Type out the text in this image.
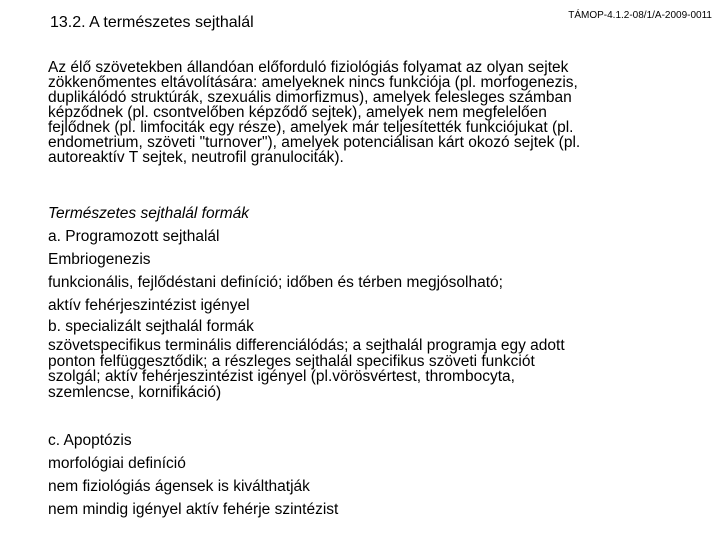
13.2. A természetes sejthalál	TÁMOP-4.1.2-08/1/A-2009-0011
Az élő szövetekben állandóan előforduló fiziológiás folyamat az olyan sejtek
zökkenőmentes eltávolítására: amelyeknek nincs funkciója (pl. morfogenezis,
duplikálódó struktúrák, szexuális dimorfizmus), amelyek felesleges számban
képződnek (pl. csontvelőben képződő sejtek), amelyek nem megfelelően
fejlődnek (pl. limfociták egy része), amelyek már teljesítették funkciójukat (pl.
endometrium, szöveti "turnover"), amelyek potenciálisan kárt okozó sejtek (pl.
autoreaktív T sejtek, neutrofil granulociták).
Természetes sejthalál formák
a. Programozott sejthalál
Embriogenezis
funkcionális, fejlődéstani definíció; időben és térben megjósolható;
aktív fehérjeszintézist igényel
b. specializált sejthalál formák
szövetspecifikus terminális differenciálódás; a sejthalál programja egy adott
ponton felfüggesztődik; a részleges sejthalál specifikus szöveti funkciót
szolgál; aktív fehérjeszintézist igényel (pl.vörösvértest, thrombocyta,
szemlencse, kornifikáció)
c. Apoptózis
morfológiai definíció
nem fiziológiás ágensek is kiválthatják
nem mindig igényel aktív fehérje szintézist
